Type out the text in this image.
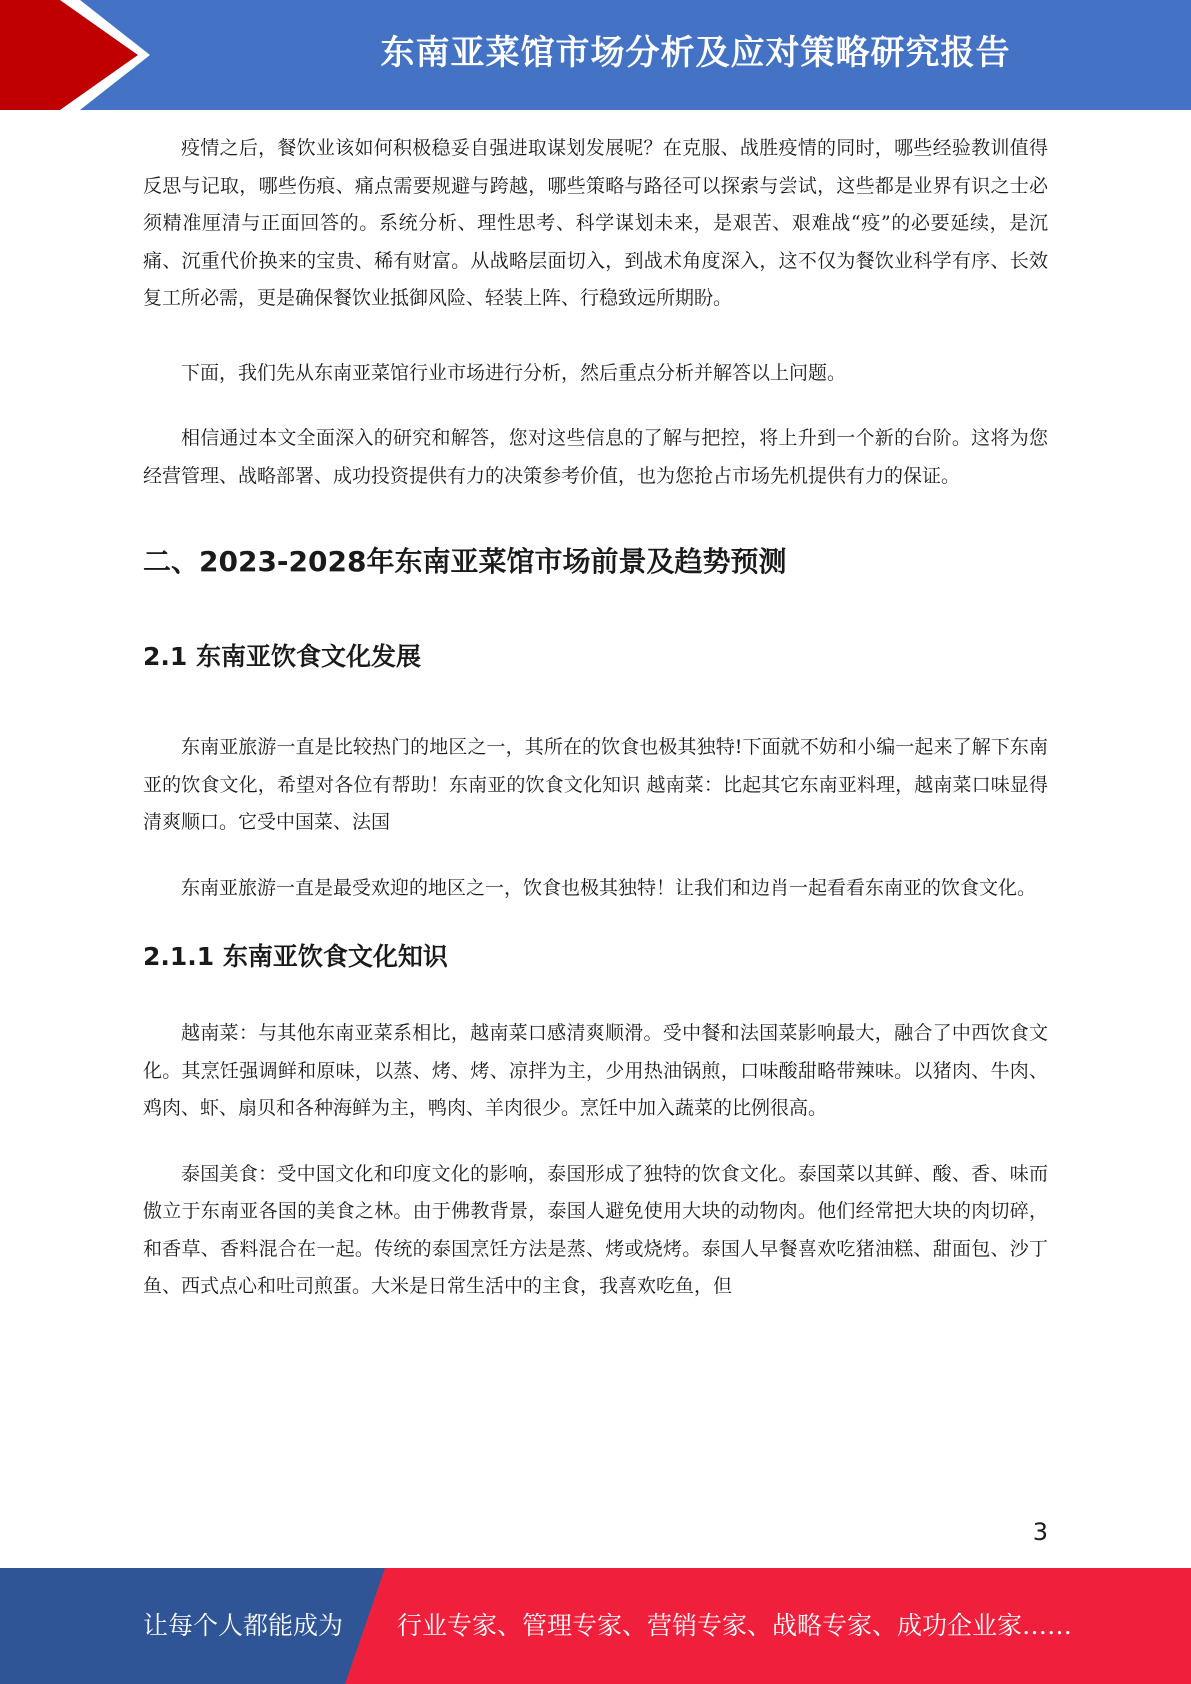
东南亚菜馆市场分析及应对策略研究报告

疫情之后，餐饮业该如何积极稳妥自强进取谋划发展呢？在克服、战胜疫情的同时，哪些经验教训值得反思与记取，哪些伤痕、痛点需要规避与跨越，哪些策略与路径可以探索与尝试，这些都是业界有识之士必须精准厘清与正面回答的。系统分析、理性思考、科学谋划未来，是艰苦、艰难战“疫”的必要延续，是沉痛、沉重代价换来的宝贵、稀有财富。从战略层面切入，到战术角度深入，这不仅为餐饮业科学有序、长效复工所必需，更是确保餐饮业抵御风险、轻装上阵、行稳致远所期盼。

下面，我们先从东南亚菜馆行业市场进行分析，然后重点分析并解答以上问题。

相信通过本文全面深入的研究和解答，您对这些信息的了解与把控，将上升到一个新的台阶。这将为您经营管理、战略部署、成功投资提供有力的决策参考价值，也为您抢占市场先机提供有力的保证。

二、2023-2028年东南亚菜馆市场前景及趋势预测
2.1 东南亚饮食文化发展

东南亚旅游一直是比较热门的地区之一，其所在的饮食也极其独特!下面就不妨和小编一起来了解下东南亚的饮食文化，希望对各位有帮助！东南亚的饮食文化知识 越南菜：比起其它东南亚料理，越南菜口味显得清爽顺口。它受中国菜、法国

东南亚旅游一直是最受欢迎的地区之一，饮食也极其独特！让我们和边肖一起看看东南亚的饮食文化。

2.1.1 东南亚饮食文化知识

越南菜：与其他东南亚菜系相比，越南菜口感清爽顺滑。受中餐和法国菜影响最大，融合了中西饮食文化。其烹饪强调鲜和原味，以蒸、烤、烤、凉拌为主，少用热油锅煎，口味酸甜略带辣味。以猪肉、牛肉、鸡肉、虾、扇贝和各种海鲜为主，鸭肉、羊肉很少。烹饪中加入蔬菜的比例很高。

泰国美食：受中国文化和印度文化的影响，泰国形成了独特的饮食文化。泰国菜以其鲜、酸、香、味而傲立于东南亚各国的美食之林。由于佛教背景，泰国人避免使用大块的动物肉。他们经常把大块的肉切碎，和香草、香料混合在一起。传统的泰国烹饪方法是蒸、烤或烧烤。泰国人早餐喜欢吃猪油糕、甜面包、沙丁鱼、西式点心和吐司煎蛋。大米是日常生活中的主食，我喜欢吃鱼，但

3
让每个人都能成为 行业专家、管理专家、营销专家、战略专家、成功企业家……
